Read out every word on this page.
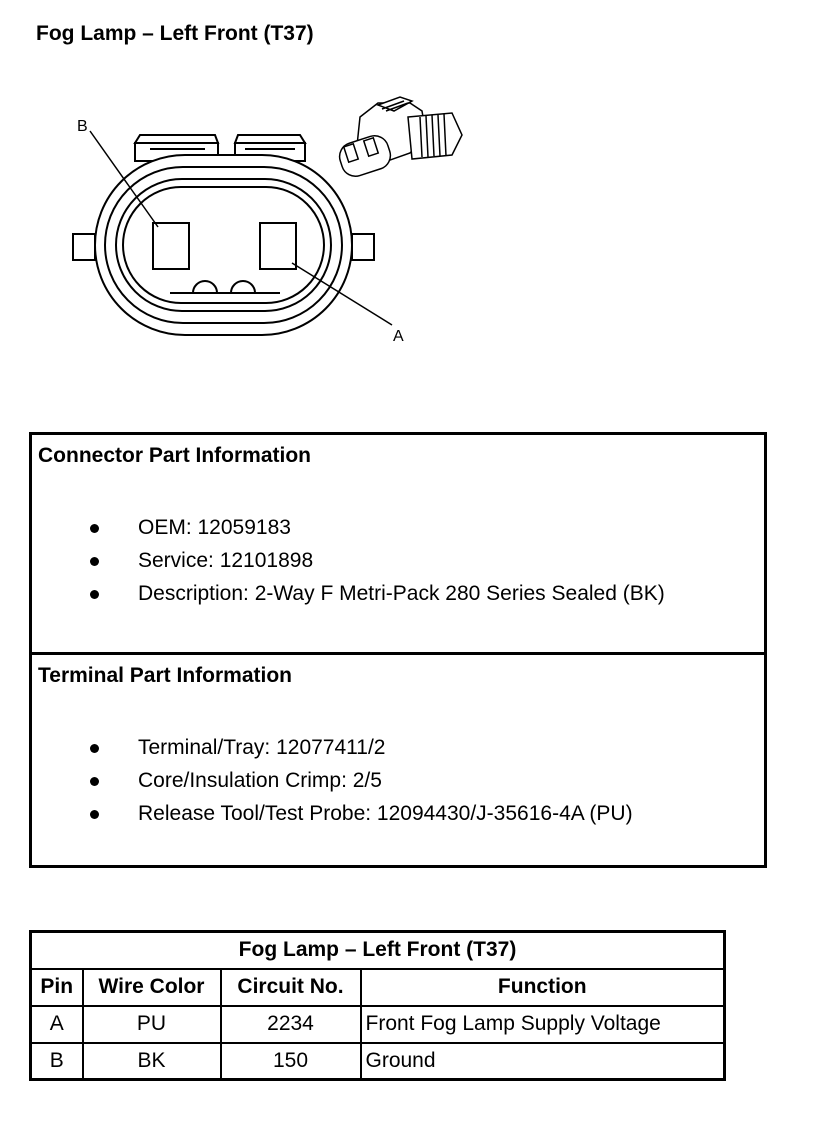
Fog Lamp – Left Front (T37)
B
A
Connector Part Information
OEM: 12059183
Service: 12101898
Description: 2-Way F Metri-Pack 280 Series Sealed (BK)
Terminal Part Information
Terminal/Tray: 12077411/2
Core/Insulation Crimp: 2/5
Release Tool/Test Probe: 12094430/J-35616-4A (PU)
Fog Lamp – Left Front (T37)			
Pin	Wire Color	Circuit No.	Function
A	PU	2234	Front Fog Lamp Supply Voltage
B	BK	150	Ground
